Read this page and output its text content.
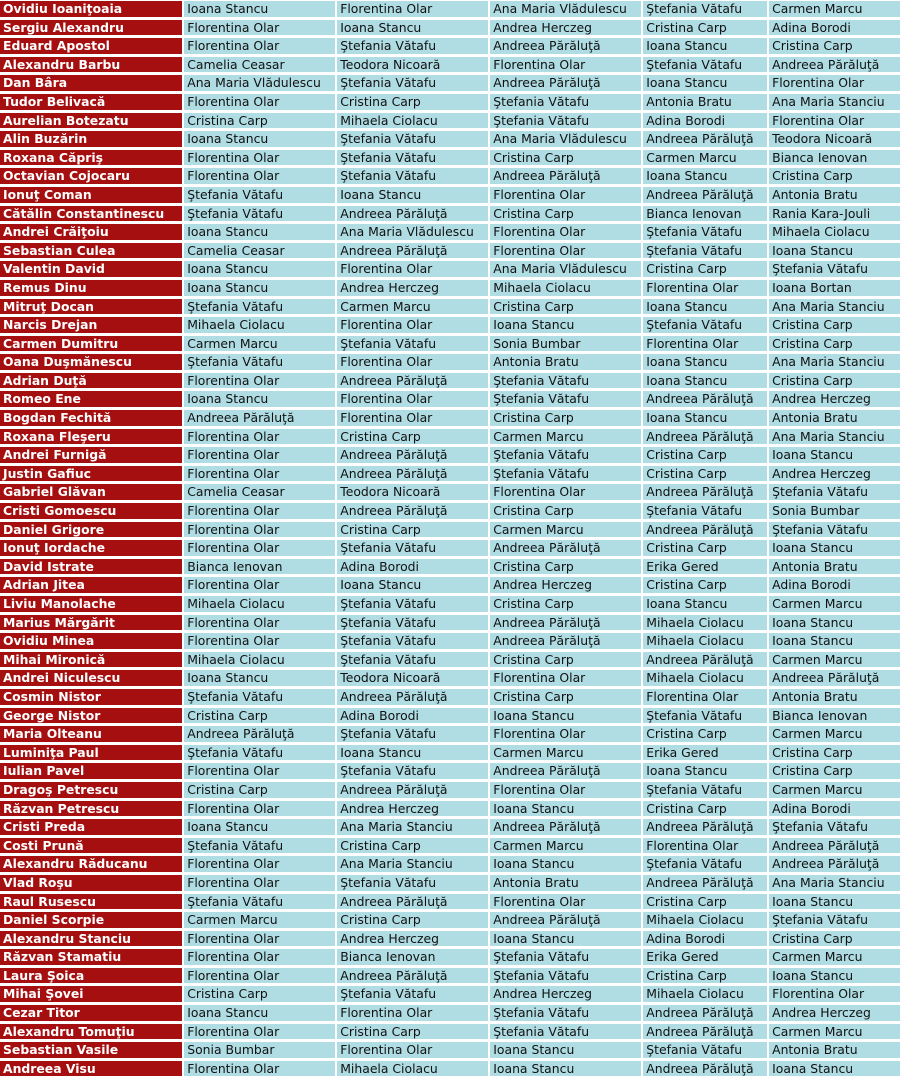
Ovidiu Ioaniţoaia	Ioana Stancu	Florentina Olar	Ana Maria Vlădulescu	Ştefania Vătafu	Carmen Marcu
Sergiu Alexandru	Florentina Olar	Ioana Stancu	Andrea Herczeg	Cristina Carp	Adina Borodi
Eduard Apostol	Florentina Olar	Ştefania Vătafu	Andreea Părăluţă	Ioana Stancu	Cristina Carp
Alexandru Barbu	Camelia Ceasar	Teodora Nicoară	Florentina Olar	Ştefania Vătafu	Andreea Părăluţă
Dan Bâra	Ana Maria Vlădulescu	Ştefania Vătafu	Andreea Părăluţă	Ioana Stancu	Florentina Olar
Tudor Belivacă	Florentina Olar	Cristina Carp	Ştefania Vătafu	Antonia Bratu	Ana Maria Stanciu
Aurelian Botezatu	Cristina Carp	Mihaela Ciolacu	Ştefania Vătafu	Adina Borodi	Florentina Olar
Alin Buzărin	Ioana Stancu	Ştefania Vătafu	Ana Maria Vlădulescu	Andreea Părăluţă	Teodora Nicoară
Roxana Căpriş	Florentina Olar	Ştefania Vătafu	Cristina Carp	Carmen Marcu	Bianca Ienovan
Octavian Cojocaru	Florentina Olar	Ştefania Vătafu	Andreea Părăluţă	Ioana Stancu	Cristina Carp
Ionuţ Coman	Ştefania Vătafu	Ioana Stancu	Florentina Olar	Andreea Părăluţă	Antonia Bratu
Cătălin Constantinescu	Ştefania Vătafu	Andreea Părăluţă	Cristina Carp	Bianca Ienovan	Rania Kara-Jouli
Andrei Crăiţoiu	Ioana Stancu	Ana Maria Vlădulescu	Florentina Olar	Ştefania Vătafu	Mihaela Ciolacu
Sebastian Culea	Camelia Ceasar	Andreea Părăluţă	Florentina Olar	Ştefania Vătafu	Ioana Stancu
Valentin David	Ioana Stancu	Florentina Olar	Ana Maria Vlădulescu	Cristina Carp	Ştefania Vătafu
Remus Dinu	Ioana Stancu	Andrea Herczeg	Mihaela Ciolacu	Florentina Olar	Ioana Bortan
Mitruţ Docan	Ştefania Vătafu	Carmen Marcu	Cristina Carp	Ioana Stancu	Ana Maria Stanciu
Narcis Drejan	Mihaela Ciolacu	Florentina Olar	Ioana Stancu	Ştefania Vătafu	Cristina Carp
Carmen Dumitru	Carmen Marcu	Ştefania Vătafu	Sonia Bumbar	Florentina Olar	Cristina Carp
Oana Duşmănescu	Ştefania Vătafu	Florentina Olar	Antonia Bratu	Ioana Stancu	Ana Maria Stanciu
Adrian Duţă	Florentina Olar	Andreea Părăluţă	Ştefania Vătafu	Ioana Stancu	Cristina Carp
Romeo Ene	Ioana Stancu	Florentina Olar	Ştefania Vătafu	Andreea Părăluţă	Andrea Herczeg
Bogdan Fechită	Andreea Părăluţă	Florentina Olar	Cristina Carp	Ioana Stancu	Antonia Bratu
Roxana Fleşeru	Florentina Olar	Cristina Carp	Carmen Marcu	Andreea Părăluţă	Ana Maria Stanciu
Andrei Furnigă	Florentina Olar	Andreea Părăluţă	Ştefania Vătafu	Cristina Carp	Ioana Stancu
Justin Gafiuc	Florentina Olar	Andreea Părăluţă	Ştefania Vătafu	Cristina Carp	Andrea Herczeg
Gabriel Glăvan	Camelia Ceasar	Teodora Nicoară	Florentina Olar	Andreea Părăluţă	Ştefania Vătafu
Cristi Gomoescu	Florentina Olar	Andreea Părăluţă	Cristina Carp	Ştefania Vătafu	Sonia Bumbar
Daniel Grigore	Florentina Olar	Cristina Carp	Carmen Marcu	Andreea Părăluţă	Ştefania Vătafu
Ionuţ Iordache	Florentina Olar	Ştefania Vătafu	Andreea Părăluţă	Cristina Carp	Ioana Stancu
David Istrate	Bianca Ienovan	Adina Borodi	Cristina Carp	Erika Gered	Antonia Bratu
Adrian Jitea	Florentina Olar	Ioana Stancu	Andrea Herczeg	Cristina Carp	Adina Borodi
Liviu Manolache	Mihaela Ciolacu	Ştefania Vătafu	Cristina Carp	Ioana Stancu	Carmen Marcu
Marius Mărgărit	Florentina Olar	Ştefania Vătafu	Andreea Părăluţă	Mihaela Ciolacu	Ioana Stancu
Ovidiu Minea	Florentina Olar	Ştefania Vătafu	Andreea Părăluţă	Mihaela Ciolacu	Ioana Stancu
Mihai Mironică	Mihaela Ciolacu	Ştefania Vătafu	Cristina Carp	Andreea Părăluţă	Carmen Marcu
Andrei Niculescu	Ioana Stancu	Teodora Nicoară	Florentina Olar	Mihaela Ciolacu	Andreea Părăluţă
Cosmin Nistor	Ştefania Vătafu	Andreea Părăluţă	Cristina Carp	Florentina Olar	Antonia Bratu
George Nistor	Cristina Carp	Adina Borodi	Ioana Stancu	Ştefania Vătafu	Bianca Ienovan
Maria Olteanu	Andreea Părăluţă	Ştefania Vătafu	Florentina Olar	Cristina Carp	Carmen Marcu
Luminiţa Paul	Ştefania Vătafu	Ioana Stancu	Carmen Marcu	Erika Gered	Cristina Carp
Iulian Pavel	Florentina Olar	Ştefania Vătafu	Andreea Părăluţă	Ioana Stancu	Cristina Carp
Dragoş Petrescu	Cristina Carp	Andreea Părăluţă	Florentina Olar	Ştefania Vătafu	Carmen Marcu
Răzvan Petrescu	Florentina Olar	Andrea Herczeg	Ioana Stancu	Cristina Carp	Adina Borodi
Cristi Preda	Ioana Stancu	Ana Maria Stanciu	Andreea Părăluţă	Andreea Părăluţă	Ştefania Vătafu
Costi Prună	Ştefania Vătafu	Cristina Carp	Carmen Marcu	Florentina Olar	Andreea Părăluţă
Alexandru Răducanu	Florentina Olar	Ana Maria Stanciu	Ioana Stancu	Ştefania Vătafu	Andreea Părăluţă
Vlad Roşu	Florentina Olar	Ştefania Vătafu	Antonia Bratu	Andreea Părăluţă	Ana Maria Stanciu
Raul Rusescu	Ştefania Vătafu	Andreea Părăluţă	Florentina Olar	Cristina Carp	Ioana Stancu
Daniel Scorpie	Carmen Marcu	Cristina Carp	Andreea Părăluţă	Mihaela Ciolacu	Ştefania Vătafu
Alexandru Stanciu	Florentina Olar	Andrea Herczeg	Ioana Stancu	Adina Borodi	Cristina Carp
Răzvan Stamatiu	Florentina Olar	Bianca Ienovan	Ştefania Vătafu	Erika Gered	Carmen Marcu
Laura Şoica	Florentina Olar	Andreea Părăluţă	Ştefania Vătafu	Cristina Carp	Ioana Stancu
Mihai Şovei	Cristina Carp	Ştefania Vătafu	Andrea Herczeg	Mihaela Ciolacu	Florentina Olar
Cezar Titor	Ioana Stancu	Florentina Olar	Ştefania Vătafu	Andreea Părăluţă	Andrea Herczeg
Alexandru Tomuţiu	Florentina Olar	Cristina Carp	Ştefania Vătafu	Andreea Părăluţă	Carmen Marcu
Sebastian Vasile	Sonia Bumbar	Florentina Olar	Ioana Stancu	Ştefania Vătafu	Antonia Bratu
Andreea Visu	Florentina Olar	Mihaela Ciolacu	Ioana Stancu	Andreea Părăluţă	Ioana Stancu
